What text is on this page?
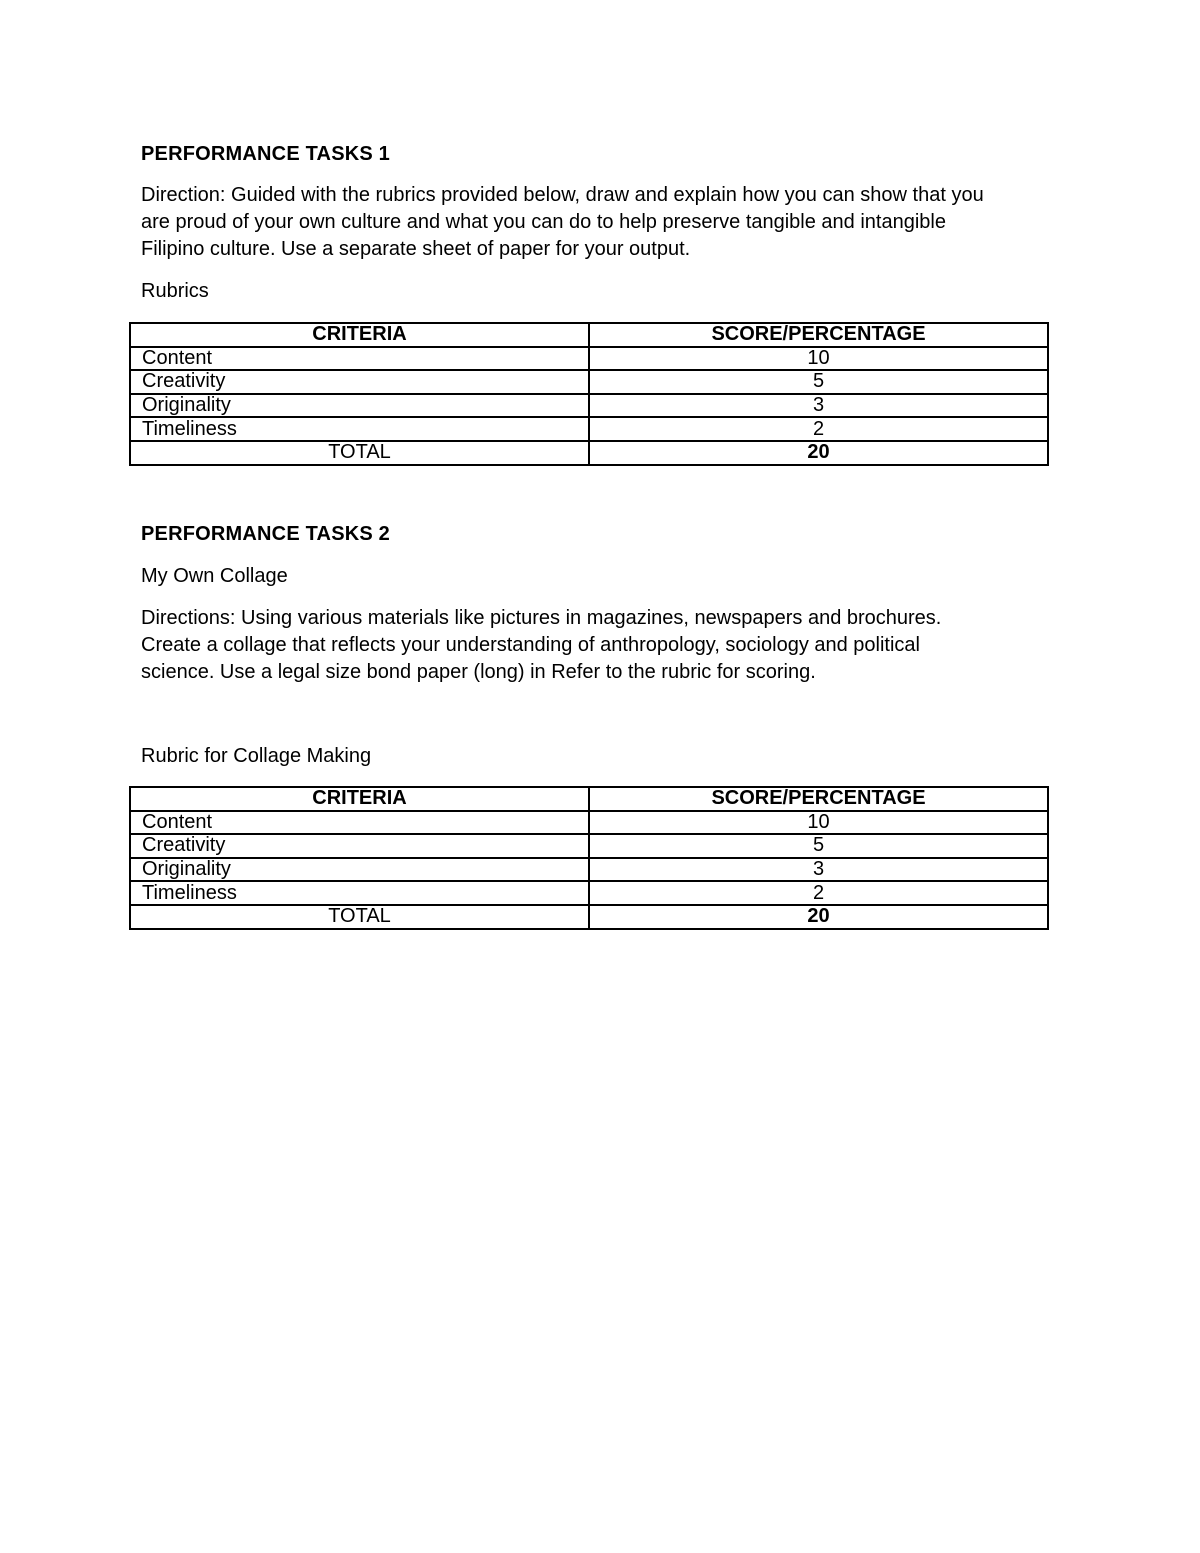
PERFORMANCE TASKS 1

Direction: Guided with the rubrics provided below, draw and explain how you can show that you
are proud of your own culture and what you can do to help preserve tangible and intangible
Filipino culture. Use a separate sheet of paper for your output.

Rubrics

CRITERIA	SCORE/PERCENTAGE
Content	10
Creativity	5
Originality	3
Timeliness	2
TOTAL	20

PERFORMANCE TASKS 2

My Own Collage

Directions: Using various materials like pictures in magazines, newspapers and brochures.
Create a collage that reflects your understanding of anthropology, sociology and political
science. Use a legal size bond paper (long) in Refer to the rubric for scoring.

Rubric for Collage Making

CRITERIA	SCORE/PERCENTAGE
Content	10
Creativity	5
Originality	3
Timeliness	2
TOTAL	20
